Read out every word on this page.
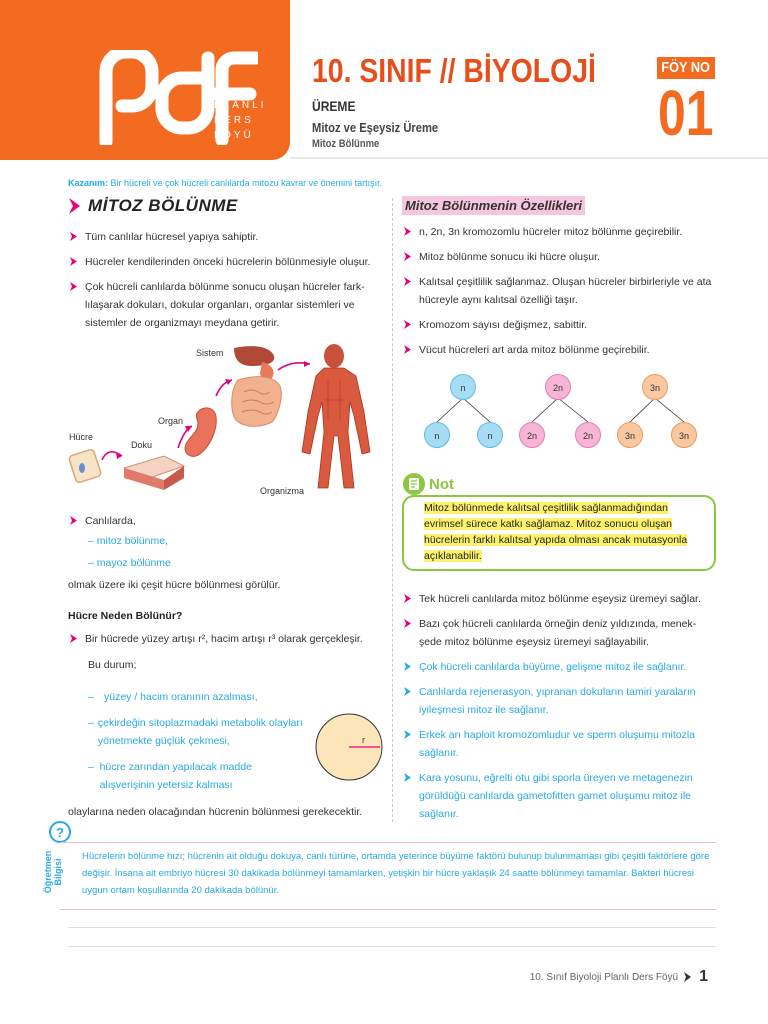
PLANLI
DERS
FÖYÜ
10. SINIF // BİYOLOJİ
ÜREME
Mitoz ve Eşeysiz Üreme
Mitoz Bölünme
FÖY NO
01
Kazanım: Bir hücreli ve çok hücreli canlılarda mitozu kavrar ve önemini tartışır.
MİTOZ BÖLÜNME
Tüm canlılar hücresel yapıya sahiptir.
Hücreler kendilerinden önceki hücrelerin bölünmesiyle oluşur.
Çok hücreli canlılarda bölünme sonucu oluşan hücreler fark-lılaşarak dokuları, dokular organları, organlar sistemleri ve sistemler de organizmayı meydana getirir.
Sistem
Organ
Hücre
Doku
Organizma
Canlılarda,
– mitoz bölünme,
– mayoz bölünme
olmak üzere iki çeşit hücre bölünmesi görülür.
Hücre Neden Bölünür?
Bir hücrede yüzey artışı r², hacim artışı r³ olarak gerçekleşir.
Bu durum;
– yüzey / hacim oranının azalması,
– çekirdeğin sitoplazmadaki metabolik olayları yönetmekte güçlük çekmesi,
– hücre zarından yapılacak madde alışverişinin yetersiz kalması
r
olaylarına neden olacağından hücrenin bölünmesi gerekecektir.
Mitoz Bölünmenin Özellikleri
n, 2n, 3n kromozomlu hücreler mitoz bölünme geçirebilir.
Mitoz bölünme sonucu iki hücre oluşur.
Kalıtsal çeşitlilik sağlanmaz. Oluşan hücreler birbirleriyle ve ata hücreyle aynı kalıtsal özelliği taşır.
Kromozom sayısı değişmez, sabittir.
Vücut hücreleri art arda mitoz bölünme geçirebilir.
n
n	n
2n
2n	2n
3n
3n	3n
Not
Mitoz bölünmede kalıtsal çeşitlilik sağlanmadığından evrimsel sürece katkı sağlamaz. Mitoz sonucu oluşan hücrelerin farklı kalıtsal yapıda olması ancak mutasyonla açıklanabilir.
Tek hücreli canlılarda mitoz bölünme eşeysiz üremeyi sağlar.
Bazı çok hücreli canlılarda örneğin deniz yıldızında, menek-şede mitoz bölünme eşeysiz üremeyi sağlayabilir.
Çok hücreli canlılarda büyüme, gelişme mitoz ile sağlanır.
Canlılarda rejenerasyon, yıpranan dokuların tamiri yaraların iyileşmesi mitoz ile sağlanır.
Erkek arı haploit kromozomludur ve sperm oluşumu mitozla sağlanır.
Kara yosunu, eğrelti otu gibi sporla üreyen ve metagenezin görüldüğü canlılarda gametofitten gamet oluşumu mitoz ile sağlanır.
?
Öğretmen Bilgisi
Hücrelerin bölünme hızı; hücrenin ait olduğu dokuya, canlı türüne, ortamda yeterince büyüme faktörü bulunup bulunmaması gibi çeşitli faktörlere göre değişir. İnsana ait embriyo hücresi 30 dakikada bölünmeyi tamamlarken, yetişkin bir hücre yaklaşık 24 saatte bölünmeyi tamamlar. Bakteri hücresi uygun ortam koşullarında 20 dakikada bölünür.
10. Sınıf Biyoloji Planlı Ders Föyü 1
